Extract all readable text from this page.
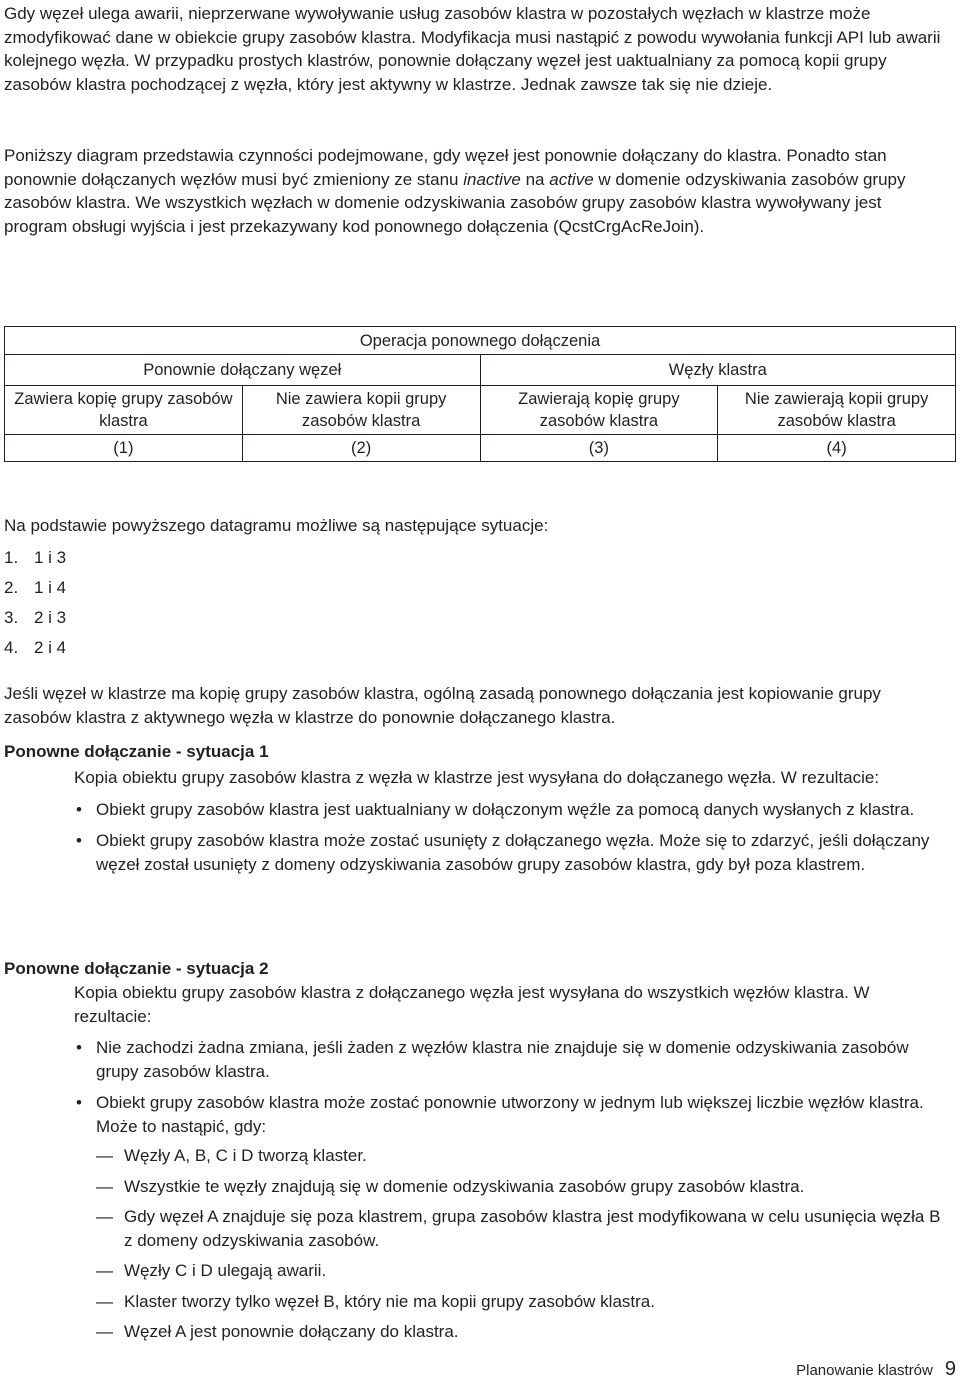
Gdy węzeł ulega awarii, nieprzerwane wywoływanie usług zasobów klastra w pozostałych węzłach w klastrze może zmodyfikować dane w obiekcie grupy zasobów klastra. Modyfikacja musi nastąpić z powodu wywołania funkcji API lub awarii kolejnego węzła. W przypadku prostych klastrów, ponownie dołączany węzeł jest uaktualniany za pomocą kopii grupy zasobów klastra pochodzącej z węzła, który jest aktywny w klastrze. Jednak zawsze tak się nie dzieje.

Poniższy diagram przedstawia czynności podejmowane, gdy węzeł jest ponownie dołączany do klastra. Ponadto stan ponownie dołączanych węzłów musi być zmieniony ze stanu inactive na active w domenie odzyskiwania zasobów grupy zasobów klastra. We wszystkich węzłach w domenie odzyskiwania zasobów grupy zasobów klastra wywoływany jest program obsługi wyjścia i jest przekazywany kod ponownego dołączenia (QcstCrgAcReJoin).

Operacja ponownego dołączenia			
Ponownie dołączany węzeł		Węzły klastra	
Zawiera kopię grupy zasobów klastra	Nie zawiera kopii grupy zasobów klastra	Zawierają kopię grupy zasobów klastra	Nie zawierają kopii grupy zasobów klastra
(1)	(2)	(3)	(4)

Na podstawie powyższego datagramu możliwe są następujące sytuacje:

1. 1 i 3
2. 1 i 4
3. 2 i 3
4. 2 i 4

Jeśli węzeł w klastrze ma kopię grupy zasobów klastra, ogólną zasadą ponownego dołączania jest kopiowanie grupy zasobów klastra z aktywnego węzła w klastrze do ponownie dołączanego klastra.

Ponowne dołączanie - sytuacja 1

Kopia obiektu grupy zasobów klastra z węzła w klastrze jest wysyłana do dołączanego węzła. W rezultacie:

• Obiekt grupy zasobów klastra jest uaktualniany w dołączonym węźle za pomocą danych wysłanych z klastra.
• Obiekt grupy zasobów klastra może zostać usunięty z dołączanego węzła. Może się to zdarzyć, jeśli dołączany węzeł został usunięty z domeny odzyskiwania zasobów grupy zasobów klastra, gdy był poza klastrem.
Ponowne dołączanie - sytuacja 2

Kopia obiektu grupy zasobów klastra z dołączanego węzła jest wysyłana do wszystkich węzłów klastra. W rezultacie:

• Nie zachodzi żadna zmiana, jeśli żaden z węzłów klastra nie znajduje się w domenie odzyskiwania zasobów grupy zasobów klastra.
• Obiekt grupy zasobów klastra może zostać ponownie utworzony w jednym lub większej liczbie węzłów klastra. Może to nastąpić, gdy:
— Węzły A, B, C i D tworzą klaster.
— Wszystkie te węzły znajdują się w domenie odzyskiwania zasobów grupy zasobów klastra.
— Gdy węzeł A znajduje się poza klastrem, grupa zasobów klastra jest modyfikowana w celu usunięcia węzła B z domeny odzyskiwania zasobów.
— Węzły C i D ulegają awarii.
— Klaster tworzy tylko węzeł B, który nie ma kopii grupy zasobów klastra.
— Węzeł A jest ponownie dołączany do klastra.
Planowanie klastrów 9
